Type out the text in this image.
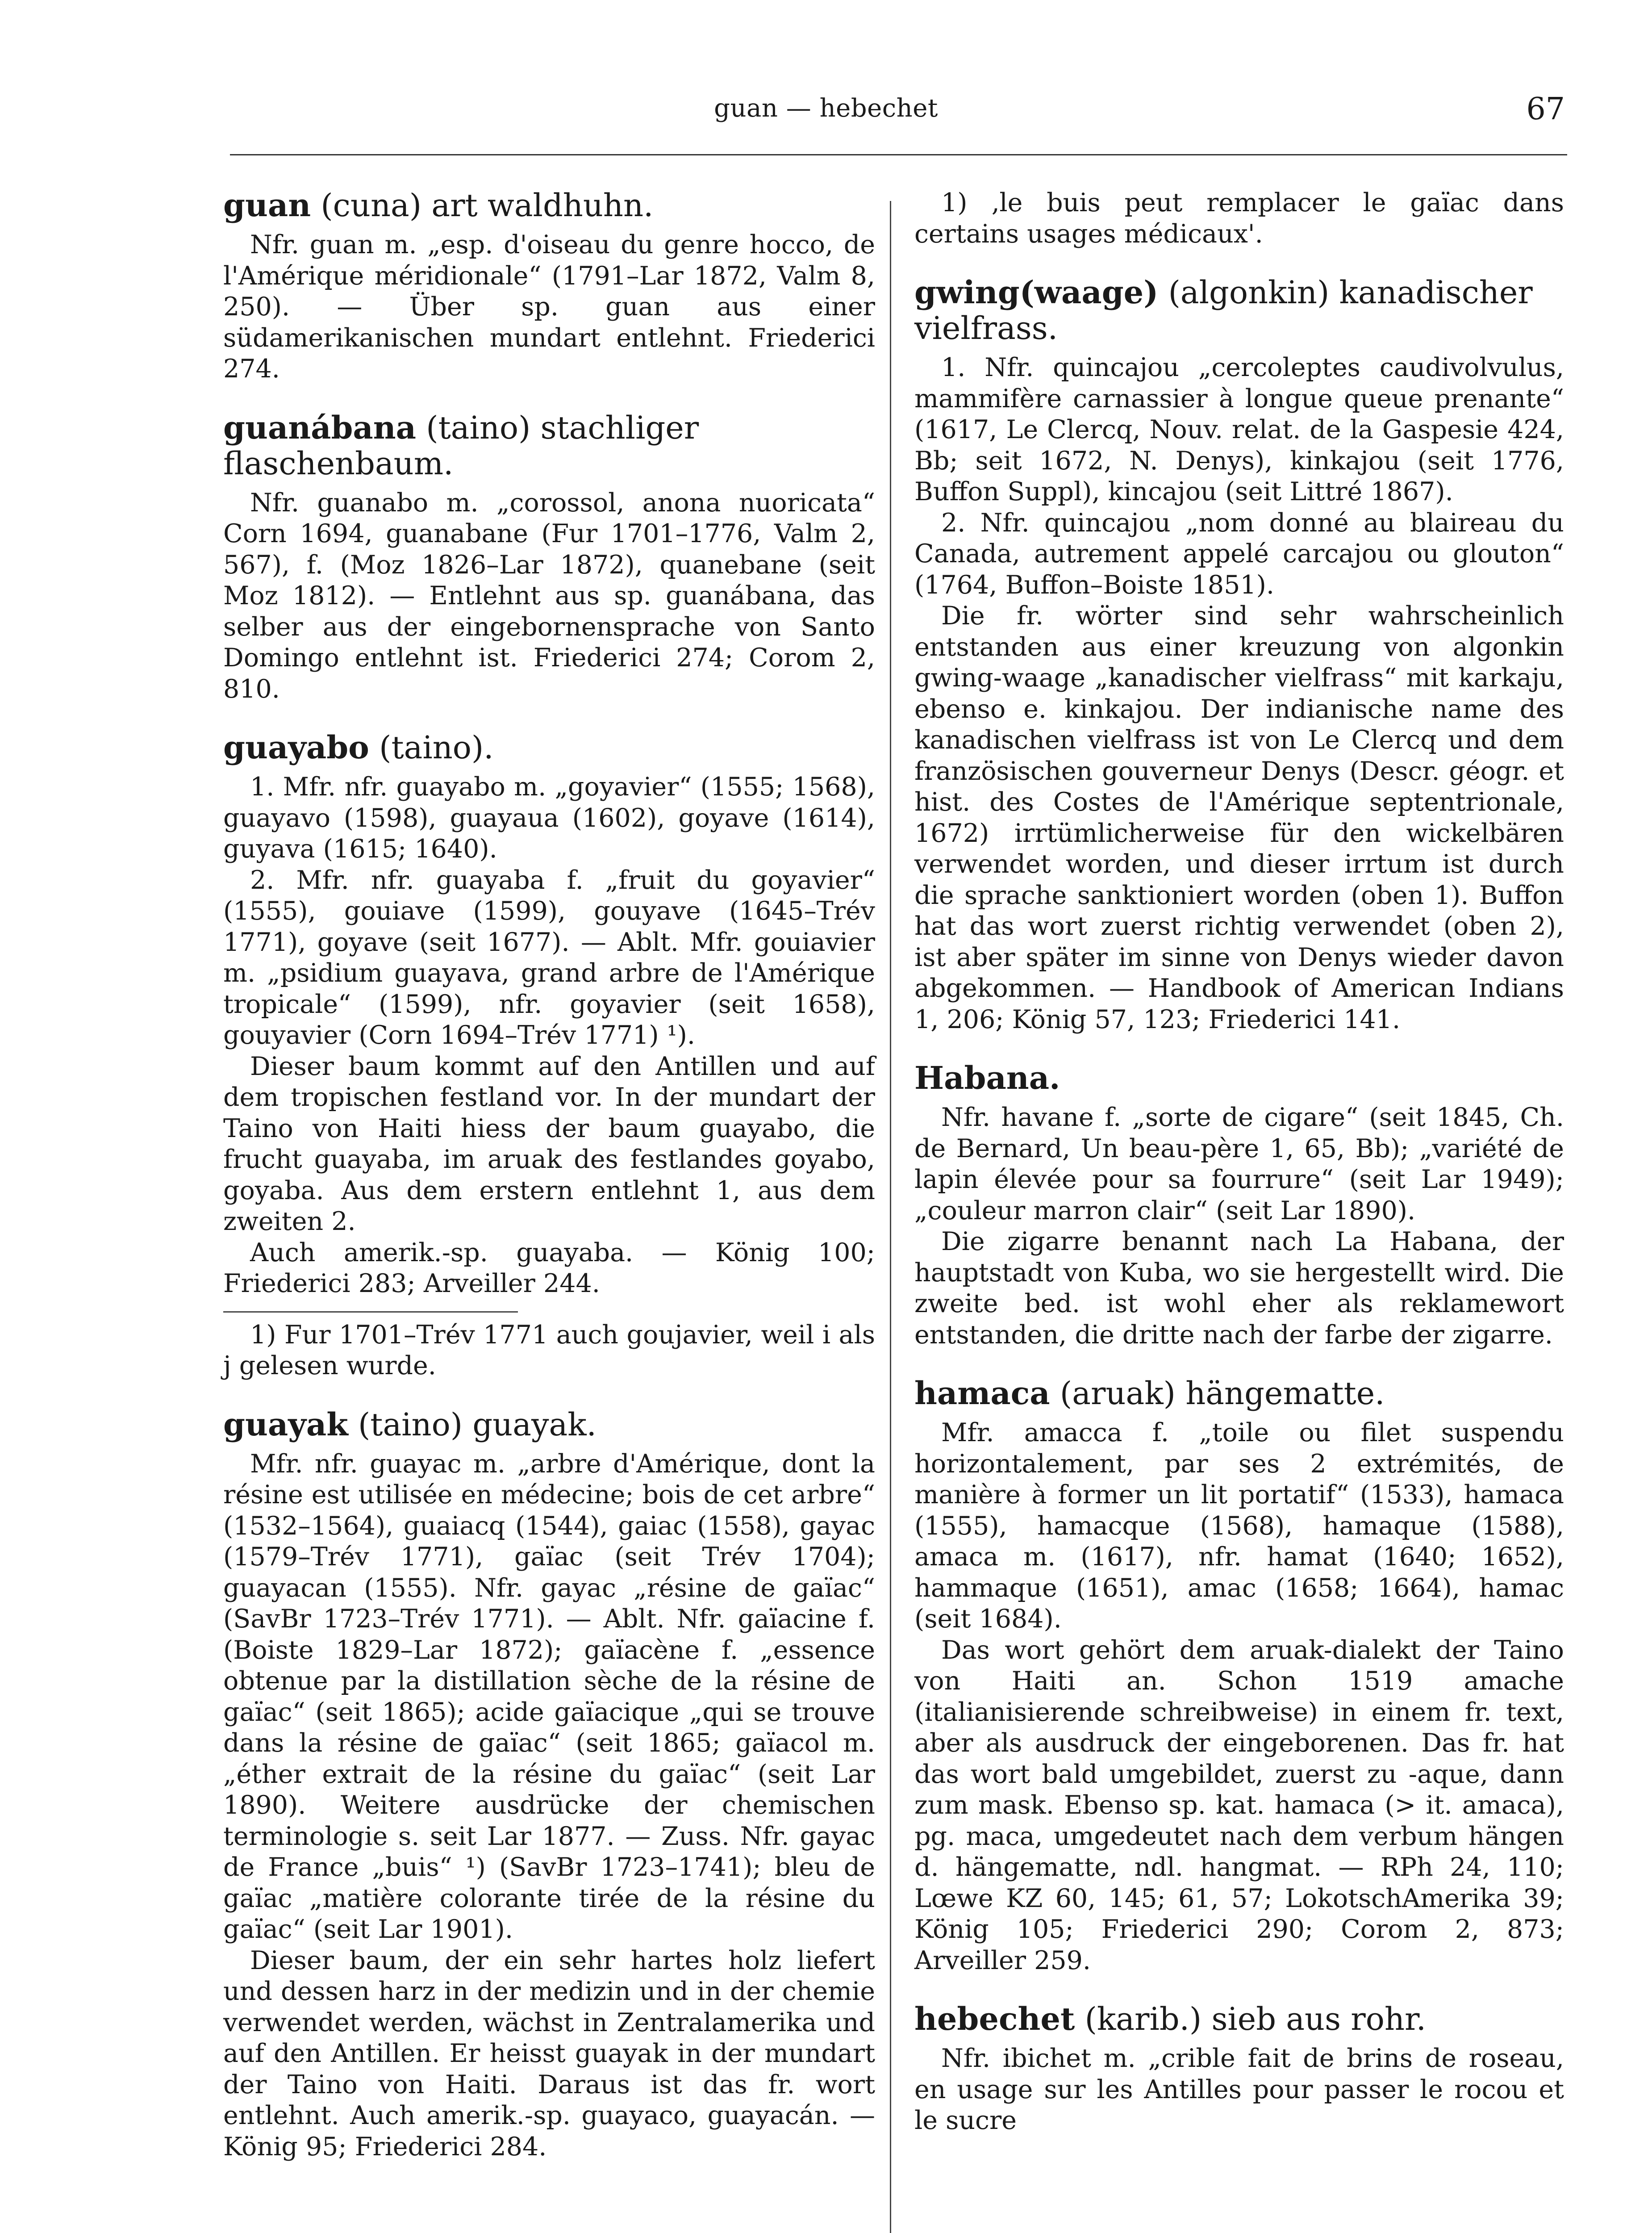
guan — hebechet	67
guan (cuna) art waldhuhn.

Nfr. guan m. „esp. d'oiseau du genre hocco, de l'Amérique méridionale“ (1791–Lar 1872, Valm 8, 250). — Über sp. guan aus einer südamerikanischen mundart entlehnt. Friederici 274.

guanábana (taino) stachliger flaschenbaum.

Nfr. guanabo m. „corossol, anona nuoricata“ Corn 1694, guanabane (Fur 1701–1776, Valm 2, 567), f. (Moz 1826–Lar 1872), quanebane (seit Moz 1812). — Entlehnt aus sp. guanábana, das selber aus der eingebornensprache von Santo Domingo entlehnt ist. Friederici 274; Corom 2, 810.

guayabo (taino).

1. Mfr. nfr. guayabo m. „goyavier“ (1555; 1568), guayavo (1598), guayaua (1602), goyave (1614), guyava (1615; 1640).

2. Mfr. nfr. guayaba f. „fruit du goyavier“ (1555), gouiave (1599), gouyave (1645–Trév 1771), goyave (seit 1677). — Ablt. Mfr. gouiavier m. „psidium guayava, grand arbre de l'Amérique tropicale“ (1599), nfr. goyavier (seit 1658), gouyavier (Corn 1694–Trév 1771) ¹).

Dieser baum kommt auf den Antillen und auf dem tropischen festland vor. In der mundart der Taino von Haiti hiess der baum guayabo, die frucht guayaba, im aruak des festlandes goyabo, goyaba. Aus dem erstern entlehnt 1, aus dem zweiten 2.

Auch amerik.-sp. guayaba. — König 100; Friederici 283; Arveiller 244.

1) Fur 1701–Trév 1771 auch goujavier, weil i als j gelesen wurde.

guayak (taino) guayak.

Mfr. nfr. guayac m. „arbre d'Amérique, dont la résine est utilisée en médecine; bois de cet arbre“ (1532–1564), guaiacq (1544), gaiac (1558), gayac (1579–Trév 1771), gaïac (seit Trév 1704); guayacan (1555). Nfr. gayac „résine de gaïac“ (SavBr 1723–Trév 1771). — Ablt. Nfr. gaïacine f. (Boiste 1829–Lar 1872); gaïacène f. „essence obtenue par la distillation sèche de la résine de gaïac“ (seit 1865); acide gaïacique „qui se trouve dans la résine de gaïac“ (seit 1865; gaïacol m. „éther extrait de la résine du gaïac“ (seit Lar 1890). Weitere ausdrücke der chemischen terminologie s. seit Lar 1877. — Zuss. Nfr. gayac de France „buis“ ¹) (SavBr 1723–1741); bleu de gaïac „matière colorante tirée de la résine du gaïac“ (seit Lar 1901).

Dieser baum, der ein sehr hartes holz liefert und dessen harz in der medizin und in der chemie verwendet werden, wächst in Zentralamerika und auf den Antillen. Er heisst guayak in der mundart der Taino von Haiti. Daraus ist das fr. wort entlehnt. Auch amerik.-sp. guayaco, guayacán. — König 95; Friederici 284.

1) ‚le buis peut remplacer le gaïac dans certains usages médicaux'.

gwing(waage) (algonkin) kanadischer vielfrass.

1. Nfr. quincajou „cercoleptes caudivolvulus, mammifère carnassier à longue queue prenante“ (1617, Le Clercq, Nouv. relat. de la Gaspesie 424, Bb; seit 1672, N. Denys), kinkajou (seit 1776, Buffon Suppl), kincajou (seit Littré 1867).

2. Nfr. quincajou „nom donné au blaireau du Canada, autrement appelé carcajou ou glouton“ (1764, Buffon–Boiste 1851).

Die fr. wörter sind sehr wahrscheinlich entstanden aus einer kreuzung von algonkin gwing-waage „kanadischer vielfrass“ mit karkaju, ebenso e. kinkajou. Der indianische name des kanadischen vielfrass ist von Le Clercq und dem französischen gouverneur Denys (Descr. géogr. et hist. des Costes de l'Amérique septentrionale, 1672) irrtümlicherweise für den wickelbären verwendet worden, und dieser irrtum ist durch die sprache sanktioniert worden (oben 1). Buffon hat das wort zuerst richtig verwendet (oben 2), ist aber später im sinne von Denys wieder davon abgekommen. — Handbook of American Indians 1, 206; König 57, 123; Friederici 141.

Habana.

Nfr. havane f. „sorte de cigare“ (seit 1845, Ch. de Bernard, Un beau-père 1, 65, Bb); „variété de lapin élevée pour sa fourrure“ (seit Lar 1949); „couleur marron clair“ (seit Lar 1890).

Die zigarre benannt nach La Habana, der hauptstadt von Kuba, wo sie hergestellt wird. Die zweite bed. ist wohl eher als reklamewort entstanden, die dritte nach der farbe der zigarre.

hamaca (aruak) hängematte.

Mfr. amacca f. „toile ou filet suspendu horizontalement, par ses 2 extrémités, de manière à former un lit portatif“ (1533), hamaca (1555), hamacque (1568), hamaque (1588), amaca m. (1617), nfr. hamat (1640; 1652), hammaque (1651), amac (1658; 1664), hamac (seit 1684).

Das wort gehört dem aruak-dialekt der Taino von Haiti an. Schon 1519 amache (italianisierende schreibweise) in einem fr. text, aber als ausdruck der eingeborenen. Das fr. hat das wort bald umgebildet, zuerst zu -aque, dann zum mask. Ebenso sp. kat. hamaca (> it. amaca), pg. maca, umgedeutet nach dem verbum hängen d. hängematte, ndl. hangmat. — RPh 24, 110; Lœwe KZ 60, 145; 61, 57; LokotschAmerika 39; König 105; Friederici 290; Corom 2, 873; Arveiller 259.

hebechet (karib.) sieb aus rohr.

Nfr. ibichet m. „crible fait de brins de roseau, en usage sur les Antilles pour passer le rocou et le sucre
